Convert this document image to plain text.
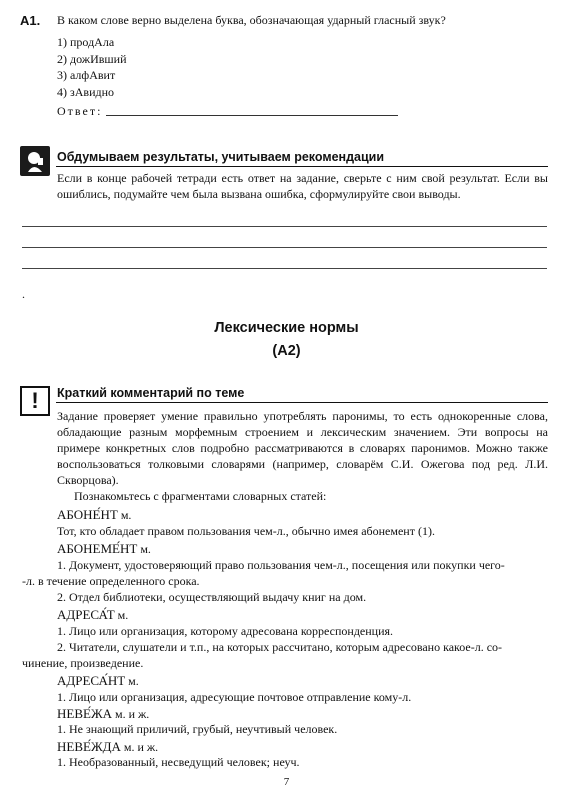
А1. В каком слове верно выделена буква, обозначающая ударный гласный звук?
1) продАла
2) дожИвший
3) алфАвит
4) зАвидно
Ответ:
Обдумываем результаты, учитываем рекомендации
Если в конце рабочей тетради есть ответ на задание, сверьте с ним свой результат. Если вы ошиблись, подумайте чем была вызвана ошибка, сформулируйте свои выводы.
.
Лексические нормы
(А2)
!	Краткий комментарий по теме
Задание проверяет умение правильно употреблять паронимы, то есть однокоренные слова, обладающие разным морфемным строением и лексическим значением. Эти вопросы на примере конкретных слов подробно рассматриваются в словарях паронимов. Можно также воспользоваться толковыми словарями (например, словарём С.И. Ожегова под ред. Л.И. Скворцова).
Познакомьтесь с фрагментами словарных статей:
АБОНЕ́НТ м.
Тот, кто обладает правом пользования чем-л., обычно имея абонемент (1).
АБОНЕМЕ́НТ м.
1. Документ, удостоверяющий право пользования чем-л., посещения или покупки чего-
-л. в течение определенного срока.
2. Отдел библиотеки, осуществляющий выдачу книг на дом.
АДРЕСА́Т м.
1. Лицо или организация, которому адресована корреспонденция.
2. Читатели, слушатели и т.п., на которых рассчитано, которым адресовано какое-л. со-
чинение, произведение.
АДРЕСА́НТ м.
1. Лицо или организация, адресующие почтовое отправление кому-л.
НЕВЕ́ЖА м. и ж.
1. Не знающий приличий, грубый, неучтивый человек.
НЕВЕ́ЖДА м. и ж.
1. Необразованный, несведущий человек; неуч.
7
